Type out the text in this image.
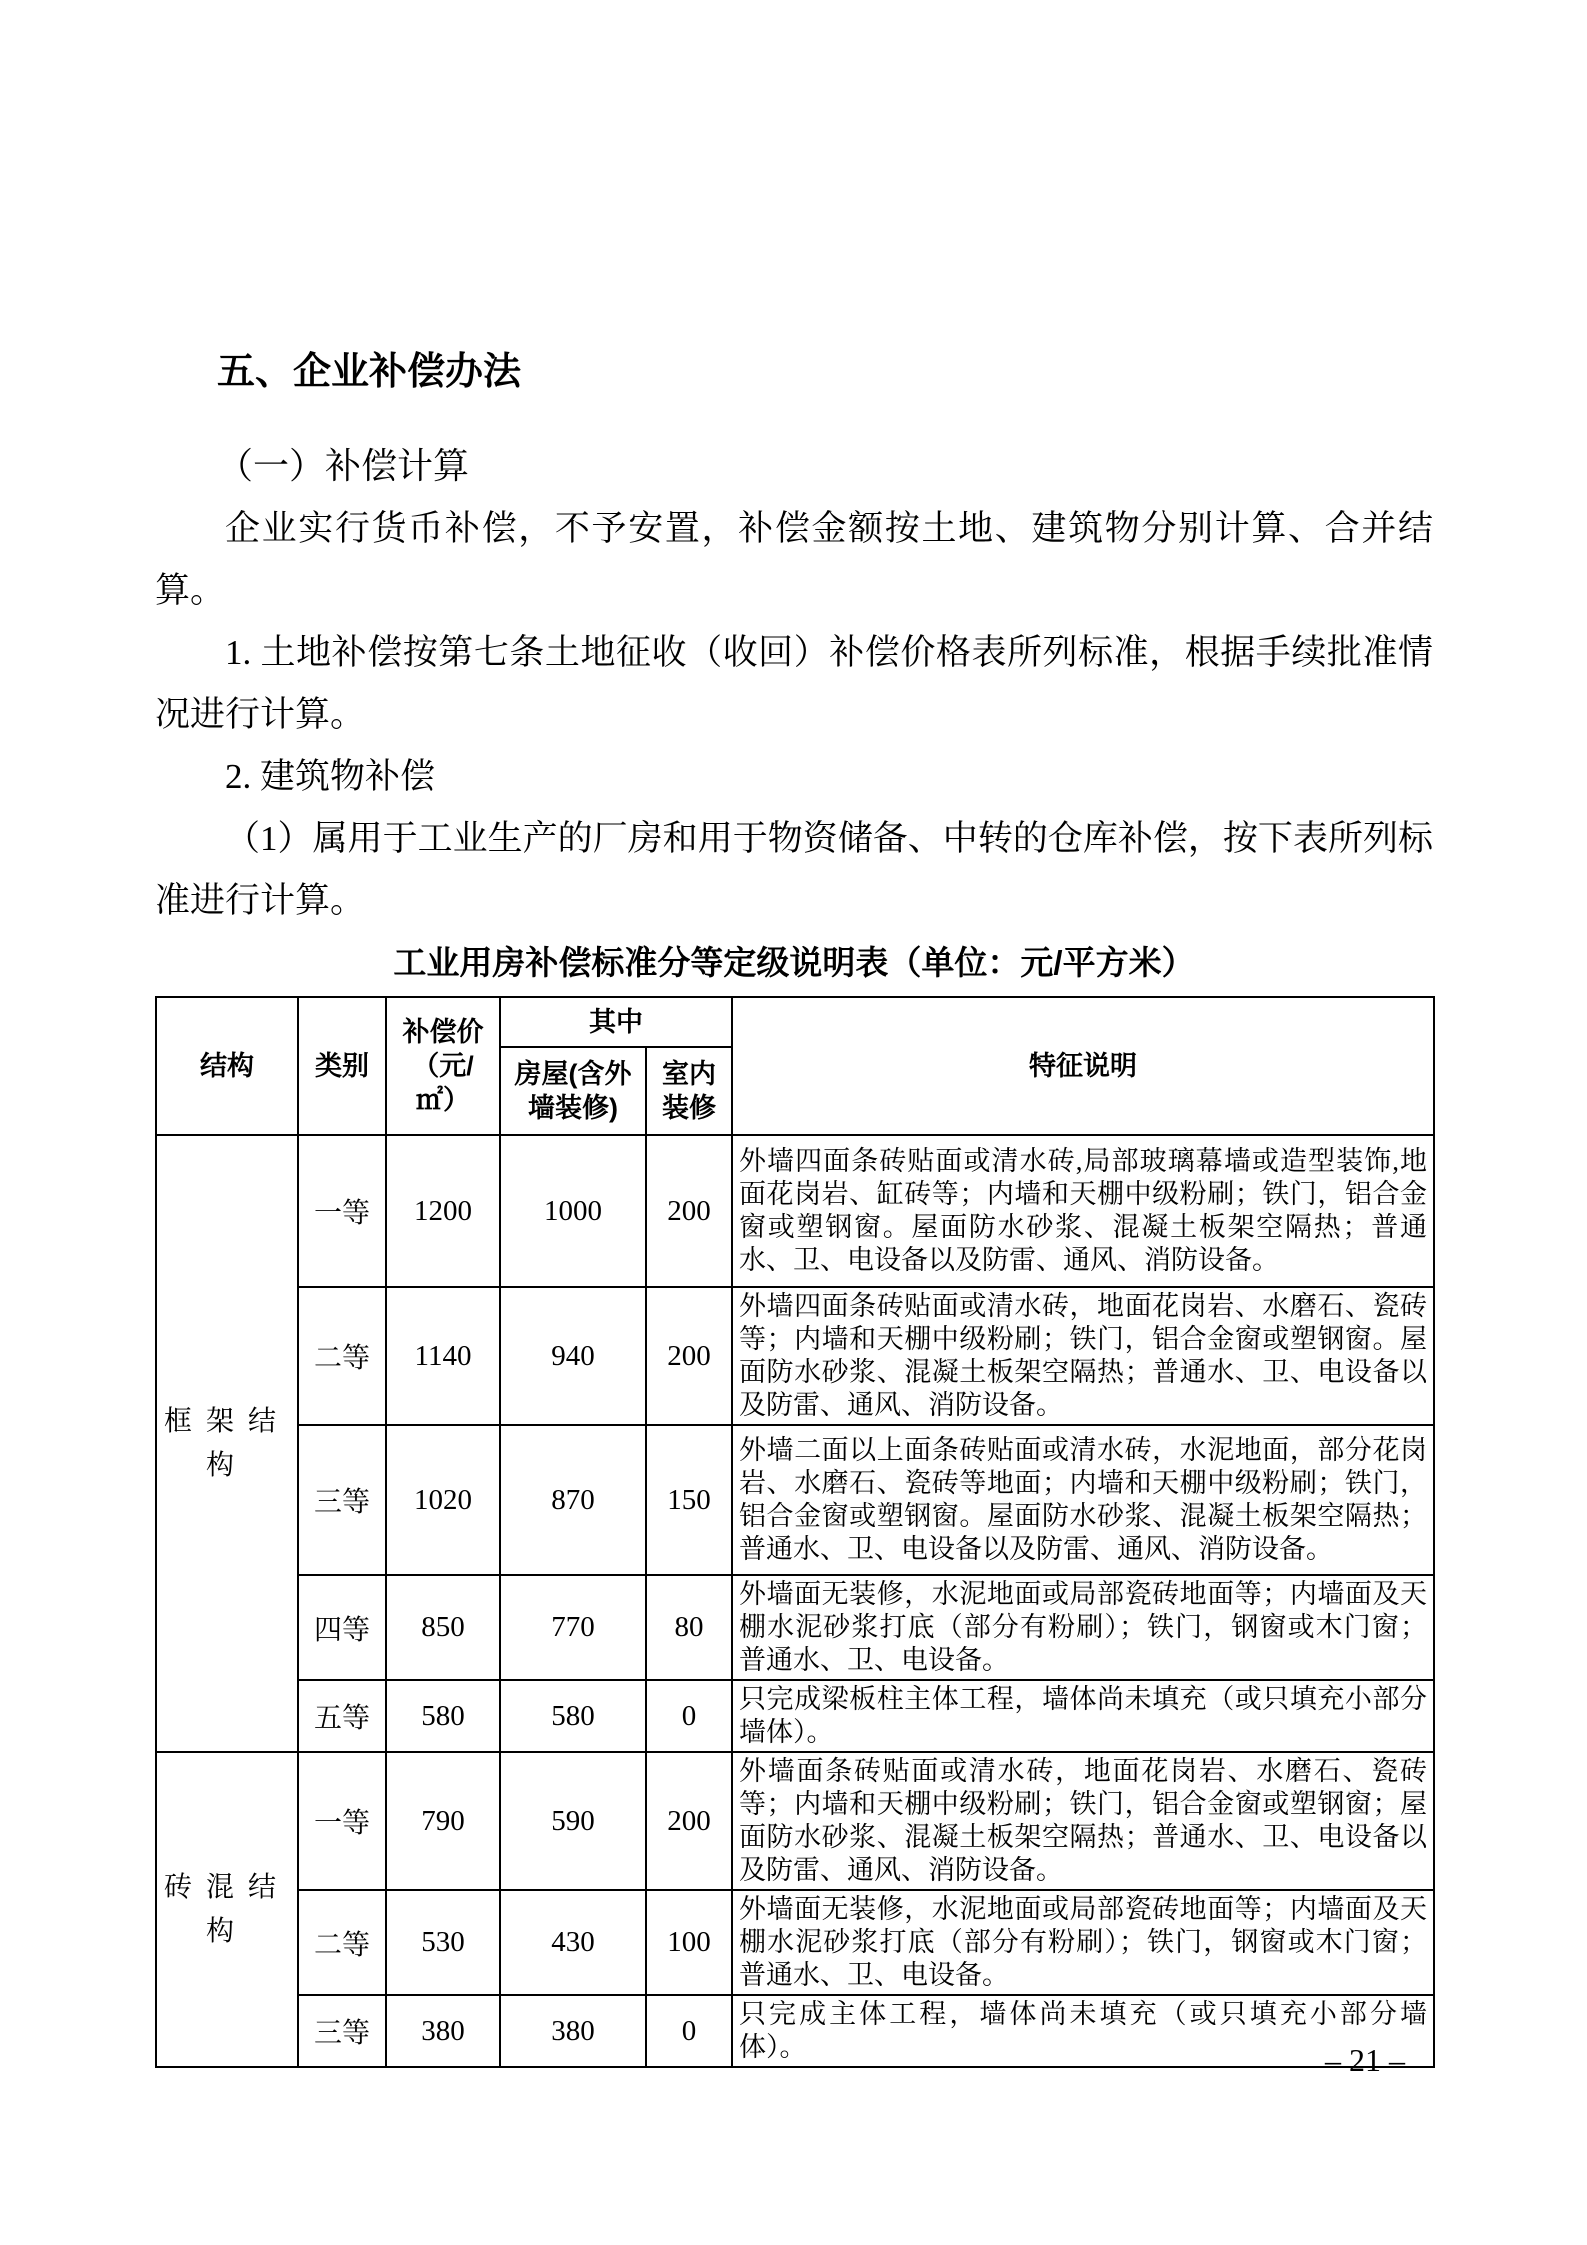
五、企业补偿办法

（一）补偿计算

企业实行货币补偿，不予安置，补偿金额按土地、建筑物分别计算、合并结算。

1. 土地补偿按第七条土地征收（收回）补偿价格表所列标准，根据手续批准情况进行计算。

2. 建筑物补偿

（1）属用于工业生产的厂房和用于物资储备、中转的仓库补偿，按下表所列标准进行计算。

工业用房补偿标准分等定级说明表（单位：元/平方米）

结构	类别	补偿价（元/㎡）	其中		特征说明
			房屋(含外墙装修)	室内装修	
框架结构	一等	1200	1000	200	外墙四面条砖贴面或清水砖,局部玻璃幕墙或造型装饰,地面花岗岩、缸砖等；内墙和天棚中级粉刷；铁门，铝合金窗或塑钢窗。屋面防水砂浆、混凝土板架空隔热；普通水、卫、电设备以及防雷、通风、消防设备。
	二等	1140	940	200	外墙四面条砖贴面或清水砖，地面花岗岩、水磨石、瓷砖等；内墙和天棚中级粉刷；铁门，铝合金窗或塑钢窗。屋面防水砂浆、混凝土板架空隔热；普通水、卫、电设备以及防雷、通风、消防设备。
	三等	1020	870	150	外墙二面以上面条砖贴面或清水砖，水泥地面，部分花岗岩、水磨石、瓷砖等地面；内墙和天棚中级粉刷；铁门，铝合金窗或塑钢窗。屋面防水砂浆、混凝土板架空隔热；普通水、卫、电设备以及防雷、通风、消防设备。
	四等	850	770	80	外墙面无装修，水泥地面或局部瓷砖地面等；内墙面及天棚水泥砂浆打底（部分有粉刷）；铁门，钢窗或木门窗；普通水、卫、电设备。
	五等	580	580	0	只完成梁板柱主体工程，墙体尚未填充（或只填充小部分墙体）。
砖混结构	一等	790	590	200	外墙面条砖贴面或清水砖，地面花岗岩、水磨石、瓷砖等；内墙和天棚中级粉刷；铁门，铝合金窗或塑钢窗；屋面防水砂浆、混凝土板架空隔热；普通水、卫、电设备以及防雷、通风、消防设备。
	二等	530	430	100	外墙面无装修，水泥地面或局部瓷砖地面等；内墙面及天棚水泥砂浆打底（部分有粉刷）；铁门，钢窗或木门窗；普通水、卫、电设备。
	三等	380	380	0	只完成主体工程，墙体尚未填充（或只填充小部分墙体）。	– 21 –
